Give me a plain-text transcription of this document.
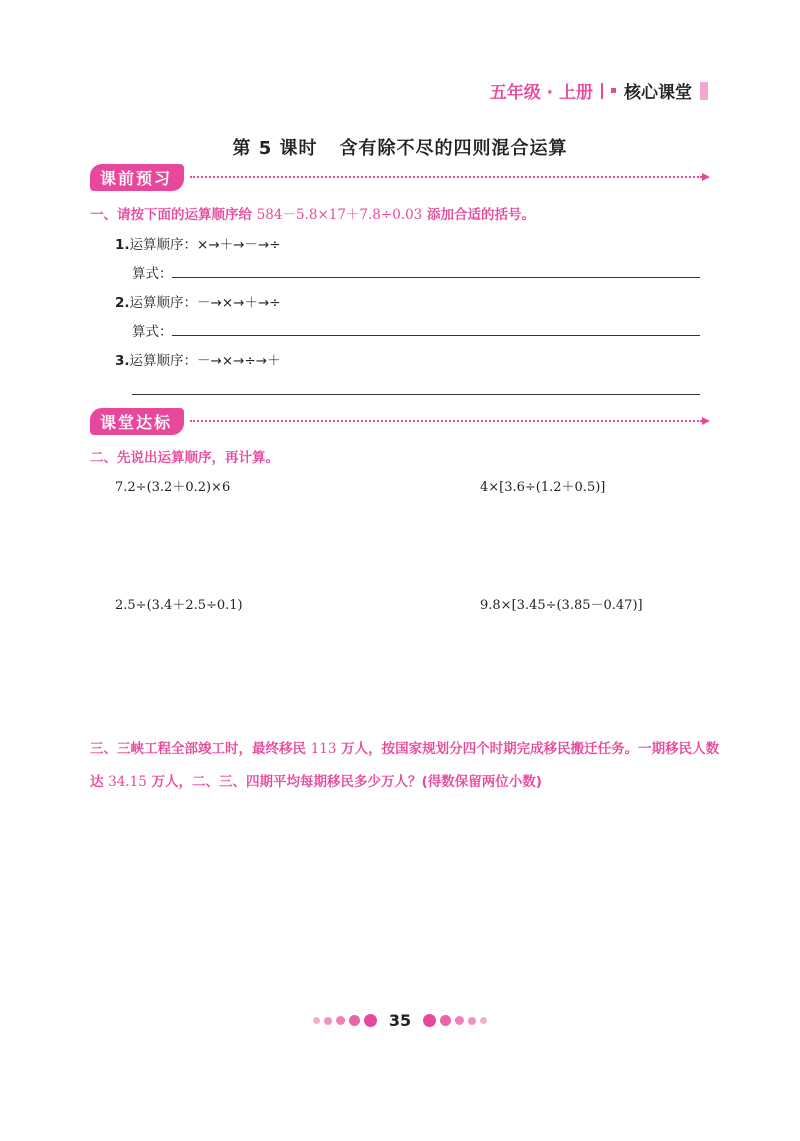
五年级 · 上册 核心课堂
第 5 课时 含有除不尽的四则混合运算
课前预习
一、请按下面的运算顺序给 584－5.8×17＋7.8÷0.03 添加合适的括号。
1.运算顺序：×→＋→－→÷
算式：
2.运算顺序：－→×→＋→÷
算式：
3.运算顺序：－→×→÷→＋
课堂达标
二、先说出运算顺序，再计算。
7.2÷(3.2＋0.2)×6	4×[3.6÷(1.2＋0.5)]
2.5÷(3.4＋2.5÷0.1)	9.8×[3.45÷(3.85－0.47)]
三、三峡工程全部竣工时，最终移民 113 万人，按国家规划分四个时期完成移民搬迁任务。一期移民人数达 34.15 万人，二、三、四期平均每期移民多少万人？(得数保留两位小数)
35
